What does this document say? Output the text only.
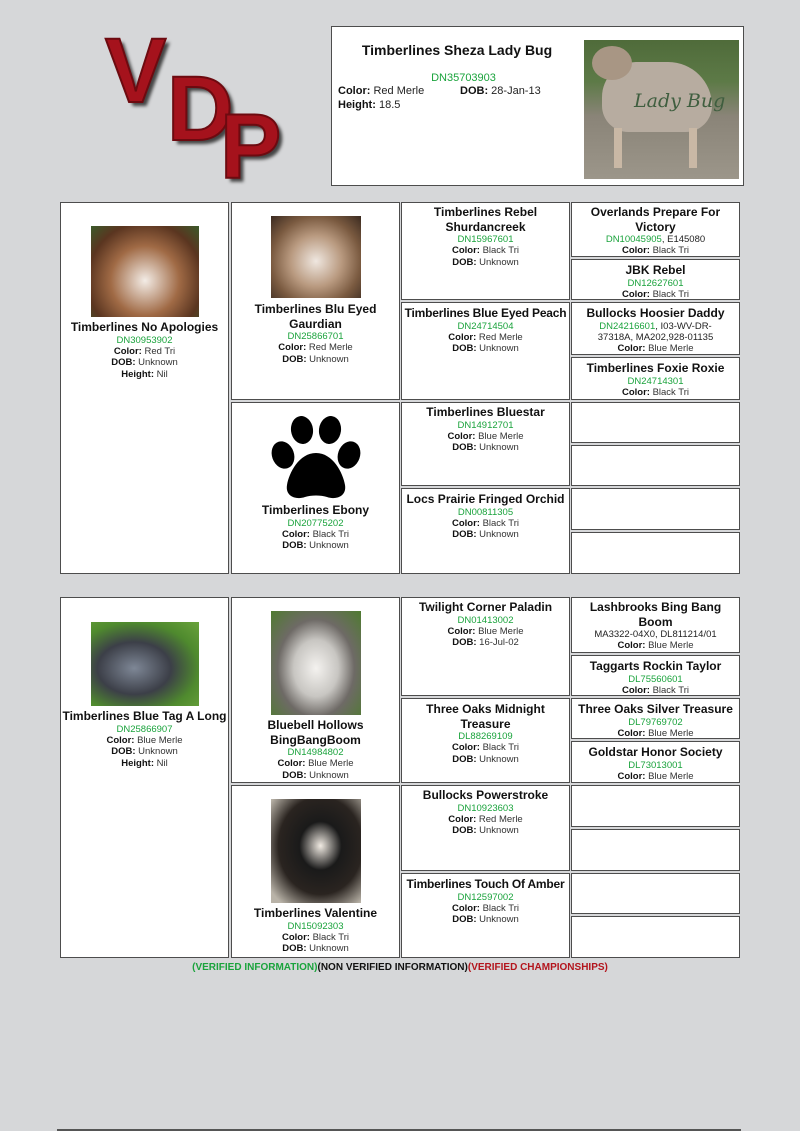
V D
P
Timberlines Sheza Lady Bug
DN35703903
Color: Red Merle	DOB: 28-Jan-13
Height: 18.5	Lady Bug
Timberlines No Apologies
DN30953902
Color: Red Tri
DOB: Unknown
Height: Nil
Timberlines Blu Eyed Gaurdian
DN25866701
Color: Red Merle
DOB: Unknown
Timberlines Ebony
DN20775202
Color: Black Tri
DOB: Unknown
Timberlines Rebel Shurdancreek
DN15967601
Color: Black Tri
DOB: Unknown
Timberlines Blue Eyed Peach
DN24714504
Color: Red Merle
DOB: Unknown
Timberlines Bluestar
DN14912701
Color: Blue Merle
DOB: Unknown
Locs Prairie Fringed Orchid
DN00811305
Color: Black Tri
DOB: Unknown
Overlands Prepare For Victory
DN10045905, E145080
Color: Black Tri
JBK Rebel
DN12627601
Color: Black Tri
Bullocks Hoosier Daddy
DN24216601, I03-WV-DR-37318A, MA202,928-01135
Color: Blue Merle
Timberlines Foxie Roxie
DN24714301
Color: Black Tri
Timberlines Blue Tag A Long
DN25866907
Color: Blue Merle
DOB: Unknown
Height: Nil
Bluebell Hollows BingBangBoom
DN14984802
Color: Blue Merle
DOB: Unknown
Timberlines Valentine
DN15092303
Color: Black Tri
DOB: Unknown
Twilight Corner Paladin
DN01413002
Color: Blue Merle
DOB: 16-Jul-02
Three Oaks Midnight Treasure
DL88269109
Color: Black Tri
DOB: Unknown
Bullocks Powerstroke
DN10923603
Color: Red Merle
DOB: Unknown
Timberlines Touch Of Amber
DN12597002
Color: Black Tri
DOB: Unknown
Lashbrooks Bing Bang Boom
MA3322-04X0, DL811214/01
Color: Blue Merle
Taggarts Rockin Taylor
DL75560601
Color: Black Tri
Three Oaks Silver Treasure
DL79769702
Color: Blue Merle
Goldstar Honor Society
DL73013001
Color: Blue Merle
(VERIFIED INFORMATION)(NON VERIFIED INFORMATION)(VERIFIED CHAMPIONSHIPS)
